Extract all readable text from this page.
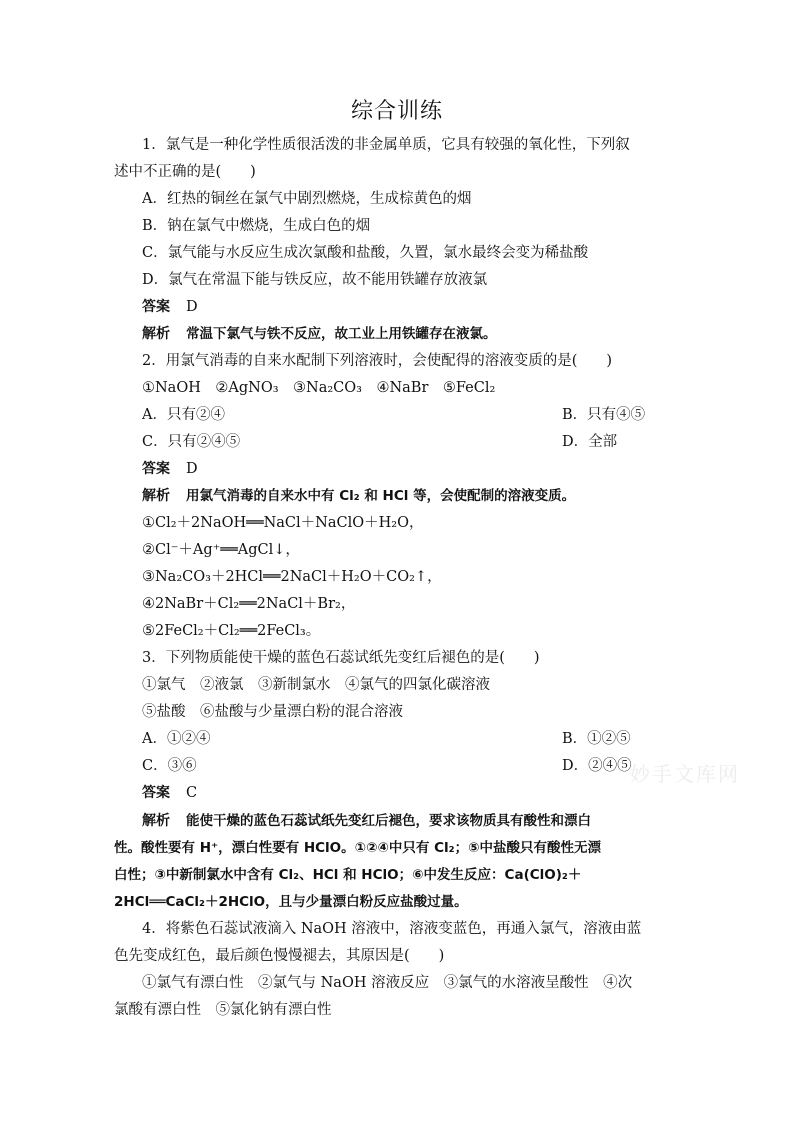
综合训练
1．氯气是一种化学性质很活泼的非金属单质，它具有较强的氧化性，下列叙
述中不正确的是(　　)
A．红热的铜丝在氯气中剧烈燃烧，生成棕黄色的烟
B．钠在氯气中燃烧，生成白色的烟
C．氯气能与水反应生成次氯酸和盐酸，久置，氯水最终会变为稀盐酸
D．氯气在常温下能与铁反应，故不能用铁罐存放液氯
答案 D
解析 常温下氯气与铁不反应，故工业上用铁罐存在液氯。
2．用氯气消毒的自来水配制下列溶液时，会使配得的溶液变质的是(　　)
①NaOH　 ②AgNO₃　 ③Na₂CO₃　 ④NaBr　 ⑤FeCl₂
A．只有②④	B．只有④⑤
C．只有②④⑤	D．全部
答案 D
解析 用氯气消毒的自来水中有 Cl₂ 和 HCl 等，会使配制的溶液变质。
①Cl₂＋2NaOH══NaCl＋NaClO＋H₂O，
②Cl⁻＋Ag⁺══AgCl↓，
③Na₂CO₃＋2HCl══2NaCl＋H₂O＋CO₂↑，
④2NaBr＋Cl₂══2NaCl＋Br₂，
⑤2FeCl₂＋Cl₂══2FeCl₃。
3．下列物质能使干燥的蓝色石蕊试纸先变红后褪色的是(　　)
①氯气　②液氯　③新制氯水　④氯气的四氯化碳溶液
⑤盐酸　⑥盐酸与少量漂白粉的混合溶液
A．①②④	B．①②⑤
C．③⑥	D．②④⑤
答案 C
解析 能使干燥的蓝色石蕊试纸先变红后褪色，要求该物质具有酸性和漂白
性。酸性要有 H⁺，漂白性要有 HClO。①②④中只有 Cl₂；⑤中盐酸只有酸性无漂
白性；③中新制氯水中含有 Cl₂、HCl 和 HClO；⑥中发生反应：Ca(ClO)₂＋
2HCl══CaCl₂＋2HClO，且与少量漂白粉反应盐酸过量。
4．将紫色石蕊试液滴入 NaOH 溶液中，溶液变蓝色，再通入氯气，溶液由蓝
色先变成红色，最后颜色慢慢褪去，其原因是(　　)
①氯气有漂白性　②氯气与 NaOH 溶液反应　③氯气的水溶液呈酸性　④次
氯酸有漂白性　⑤氯化钠有漂白性
妙手文库网
